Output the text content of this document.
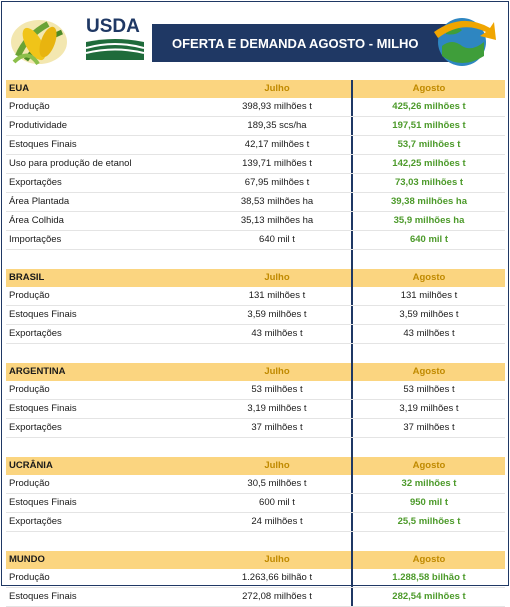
USDA
OFERTA E DEMANDA AGOSTO - MILHO
EUA	Julho	Agosto
Produção	398,93 milhões t	425,26 milhões t
Produtividade	189,35 scs/ha	197,51 milhões t
Estoques Finais	42,17 milhões t	53,7 milhões t
Uso para produção de etanol	139,71 milhões t	142,25 milhões t
Exportações	67,95 milhões t	73,03 milhões t
Área Plantada	38,53 milhões ha	39,38 milhões ha
Área Colhida	35,13 milhões ha	35,9 milhões ha
Importações	640 mil t	640 mil t
BRASIL	Julho	Agosto
Produção	131 milhões t	131 milhões t
Estoques Finais	3,59 milhões t	3,59 milhões t
Exportações	43 milhões t	43 milhões t
ARGENTINA	Julho	Agosto
Produção	53 milhões t	53 milhões t
Estoques Finais	3,19 milhões t	3,19 milhões t
Exportações	37 milhões t	37 milhões t
UCRÂNIA	Julho	Agosto
Produção	30,5 milhões t	32 milhões t
Estoques Finais	600 mil t	950 mil t
Exportações	24 milhões t	25,5 milhões t
MUNDO	Julho	Agosto
Produção	1.263,66 bilhão t	1.288,58 bilhão t
Estoques Finais	272,08 milhões t	282,54 milhões t
